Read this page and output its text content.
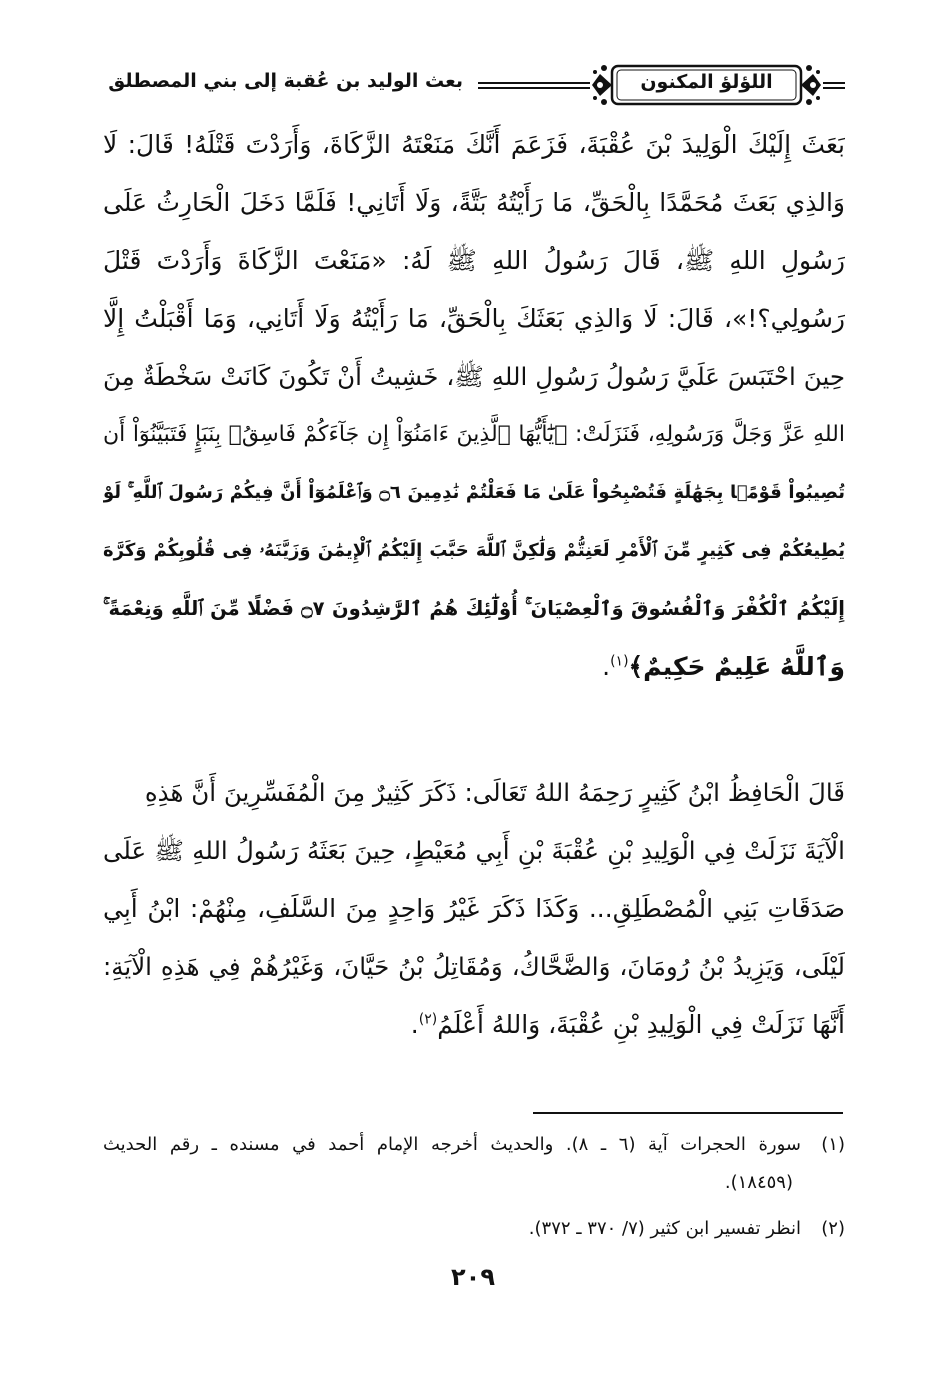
اللؤلؤ المكنون
بعث الوليد بن عُقبة إلى بني المصطلق
بَعَثَ إِلَيْكَ الْوَلِيدَ بْنَ عُقْبَةَ، فَزَعَمَ أَنَّكَ مَنَعْتَهُ الزَّكَاةَ، وَأَرَدْتَ قَتْلَهُ! قَالَ: لَا
وَالذِي بَعَثَ مُحَمَّدًا بِالْحَقِّ، مَا رَأَيْتُهُ بَتَّةً، وَلَا أَتَانِي! فَلَمَّا دَخَلَ الْحَارِثُ عَلَى
رَسُولِ اللهِ ﷺ، قَالَ رَسُولُ اللهِ ﷺ لَهُ: «مَنَعْتَ الزَّكَاةَ وَأَرَدْتَ قَتْلَ
رَسُولِي؟!»، قَالَ: لَا وَالذِي بَعَثَكَ بِالْحَقِّ، مَا رَأَيْتُهُ وَلَا أَتَانِي، وَمَا أَقْبَلْتُ إِلَّا
حِينَ احْتَبَسَ عَلَيَّ رَسُولُ رَسُولِ اللهِ ﷺ، خَشِيتُ أَنْ تَكُونَ كَانَتْ سَخْطَةٌ مِنَ
اللهِ عَزَّ وَجَلَّ وَرَسُولِهِ، فَنَزَلَتْ: ﴿يَٰٓأَيُّهَا ٱلَّذِينَ ءَامَنُوٓاْ إِن جَآءَكُمْ فَاسِقُۢ بِنَبَإٍ فَتَبَيَّنُوٓاْ أَن
تُصِيبُواْ قَوْمًۢا بِجَهَٰلَةٍ فَتُصْبِحُواْ عَلَىٰ مَا فَعَلْتُمْ نَٰدِمِينَ ۝٦ وَٱعْلَمُوٓاْ أَنَّ فِيكُمْ رَسُولَ ٱللَّهِ ۚ لَوْ
يُطِيعُكُمْ فِى كَثِيرٍ مِّنَ ٱلْأَمْرِ لَعَنِتُّمْ وَلَٰكِنَّ ٱللَّهَ حَبَّبَ إِلَيْكُمُ ٱلْإِيمَٰنَ وَزَيَّنَهُۥ فِى قُلُوبِكُمْ وَكَرَّهَ
إِلَيْكُمُ ٱلْكُفْرَ وَٱلْفُسُوقَ وَٱلْعِصْيَانَ ۚ أُوْلَٰٓئِكَ هُمُ ٱلرَّٰشِدُونَ ۝٧ فَضْلًا مِّنَ ٱللَّهِ وَنِعْمَةً ۚ
وَٱللَّهُ عَلِيمٌ حَكِيمٌ﴾$^{(١)}$.
قَالَ الْحَافِظُ ابْنُ كَثِيرٍ رَحِمَهُ اللهُ تَعَالَى: ذَكَرَ كَثِيرٌ مِنَ الْمُفَسِّرِينَ أَنَّ هَذِهِ
الْآيَةَ نَزَلَتْ فِي الْوَلِيدِ بْنِ عُقْبَةَ بْنِ أَبِي مُعَيْطٍ، حِينَ بَعَثَهُ رَسُولُ اللهِ ﷺ عَلَى
صَدَقَاتِ بَنِي الْمُصْطَلِقِ... وَكَذَا ذَكَرَ غَيْرُ وَاحِدٍ مِنَ السَّلَفِ، مِنْهُمْ: ابْنُ أَبِي
لَيْلَى، وَيَزِيدُ بْنُ رُومَانَ، وَالضَّحَّاكُ، وَمُقَاتِلُ بْنُ حَيَّانَ، وَغَيْرُهُمْ فِي هَذِهِ الْآيَةِ:
أَنَّهَا نَزَلَتْ فِي الْوَلِيدِ بْنِ عُقْبَةَ، وَاللهُ أَعْلَمُ$^{(٢)}$.
(١)سورة الحجرات آية (٦ ـ ٨). والحديث أخرجه الإمام أحمد في مسنده ـ رقم الحديث
(١٨٤٥٩).
(٢)انظر تفسير ابن كثير (٧/ ٣٧٠ ـ ٣٧٢).
٢٠٩
